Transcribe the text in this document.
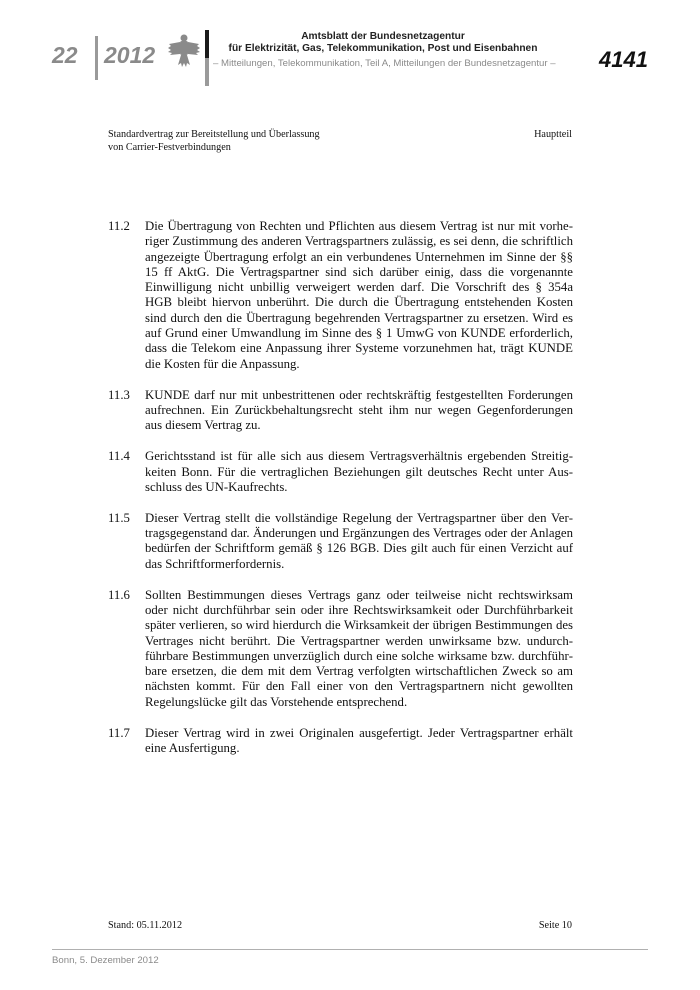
22 2012
Amtsblatt der Bundesnetzagentur
für Elektrizität, Gas, Telekommunikation, Post und Eisenbahnen
– Mitteilungen, Telekommunikation, Teil A, Mitteilungen der Bundesnetzagentur – 4141
Standardvertrag zur Bereitstellung und Überlassung
von Carrier-Festverbindungen
Hauptteil
11.2	Die Übertragung von Rechten und Pflichten aus diesem Vertrag ist nur mit vorheriger Zustimmung des anderen Vertragspartners zulässig, es sei denn, die schriftlich angezeigte Übertragung erfolgt an ein verbundenes Unternehmen im Sinne der §§ 15 ff AktG. Die Vertragspartner sind sich darüber einig, dass die vorgenannte Einwilligung nicht unbillig verweigert werden darf. Die Vorschrift des § 354a HGB bleibt hiervon unberührt. Die durch die Übertragung entstehenden Kosten sind durch den die Übertragung begehrenden Vertragspartner zu ersetzen. Wird es auf Grund einer Umwandlung im Sinne des § 1 UmwG von KUNDE erforderlich, dass die Telekom eine Anpassung ihrer Systeme vorzunehmen hat, trägt KUNDE die Kosten für die Anpassung.
11.3	KUNDE darf nur mit unbestrittenen oder rechtskräftig festgestellten Forderungen aufrechnen. Ein Zurückbehaltungsrecht steht ihm nur wegen Gegenforderungen aus diesem Vertrag zu.
11.4	Gerichtsstand ist für alle sich aus diesem Vertragsverhältnis ergebenden Streitigkeiten Bonn. Für die vertraglichen Beziehungen gilt deutsches Recht unter Ausschluss des UN-Kaufrechts.
11.5	Dieser Vertrag stellt die vollständige Regelung der Vertragspartner über den Vertragsgegenstand dar. Änderungen und Ergänzungen des Vertrages oder der Anlagen bedürfen der Schriftform gemäß § 126 BGB. Dies gilt auch für einen Verzicht auf das Schriftformerfordernis.
11.6	Sollten Bestimmungen dieses Vertrags ganz oder teilweise nicht rechtswirksam oder nicht durchführbar sein oder ihre Rechtswirksamkeit oder Durchführbarkeit später verlieren, so wird hierdurch die Wirksamkeit der übrigen Bestimmungen des Vertrages nicht berührt. Die Vertragspartner werden unwirksame bzw. undurchführbare Bestimmungen unverzüglich durch eine solche wirksame bzw. durchführbare ersetzen, die dem mit dem Vertrag verfolgten wirtschaftlichen Zweck so am nächsten kommt. Für den Fall einer von den Vertragspartnern nicht gewollten Regelungslücke gilt das Vorstehende entsprechend.
11.7	Dieser Vertrag wird in zwei Originalen ausgefertigt. Jeder Vertragspartner erhält eine Ausfertigung.
Stand: 05.11.2012	Seite 10
Bonn, 5. Dezember 2012
